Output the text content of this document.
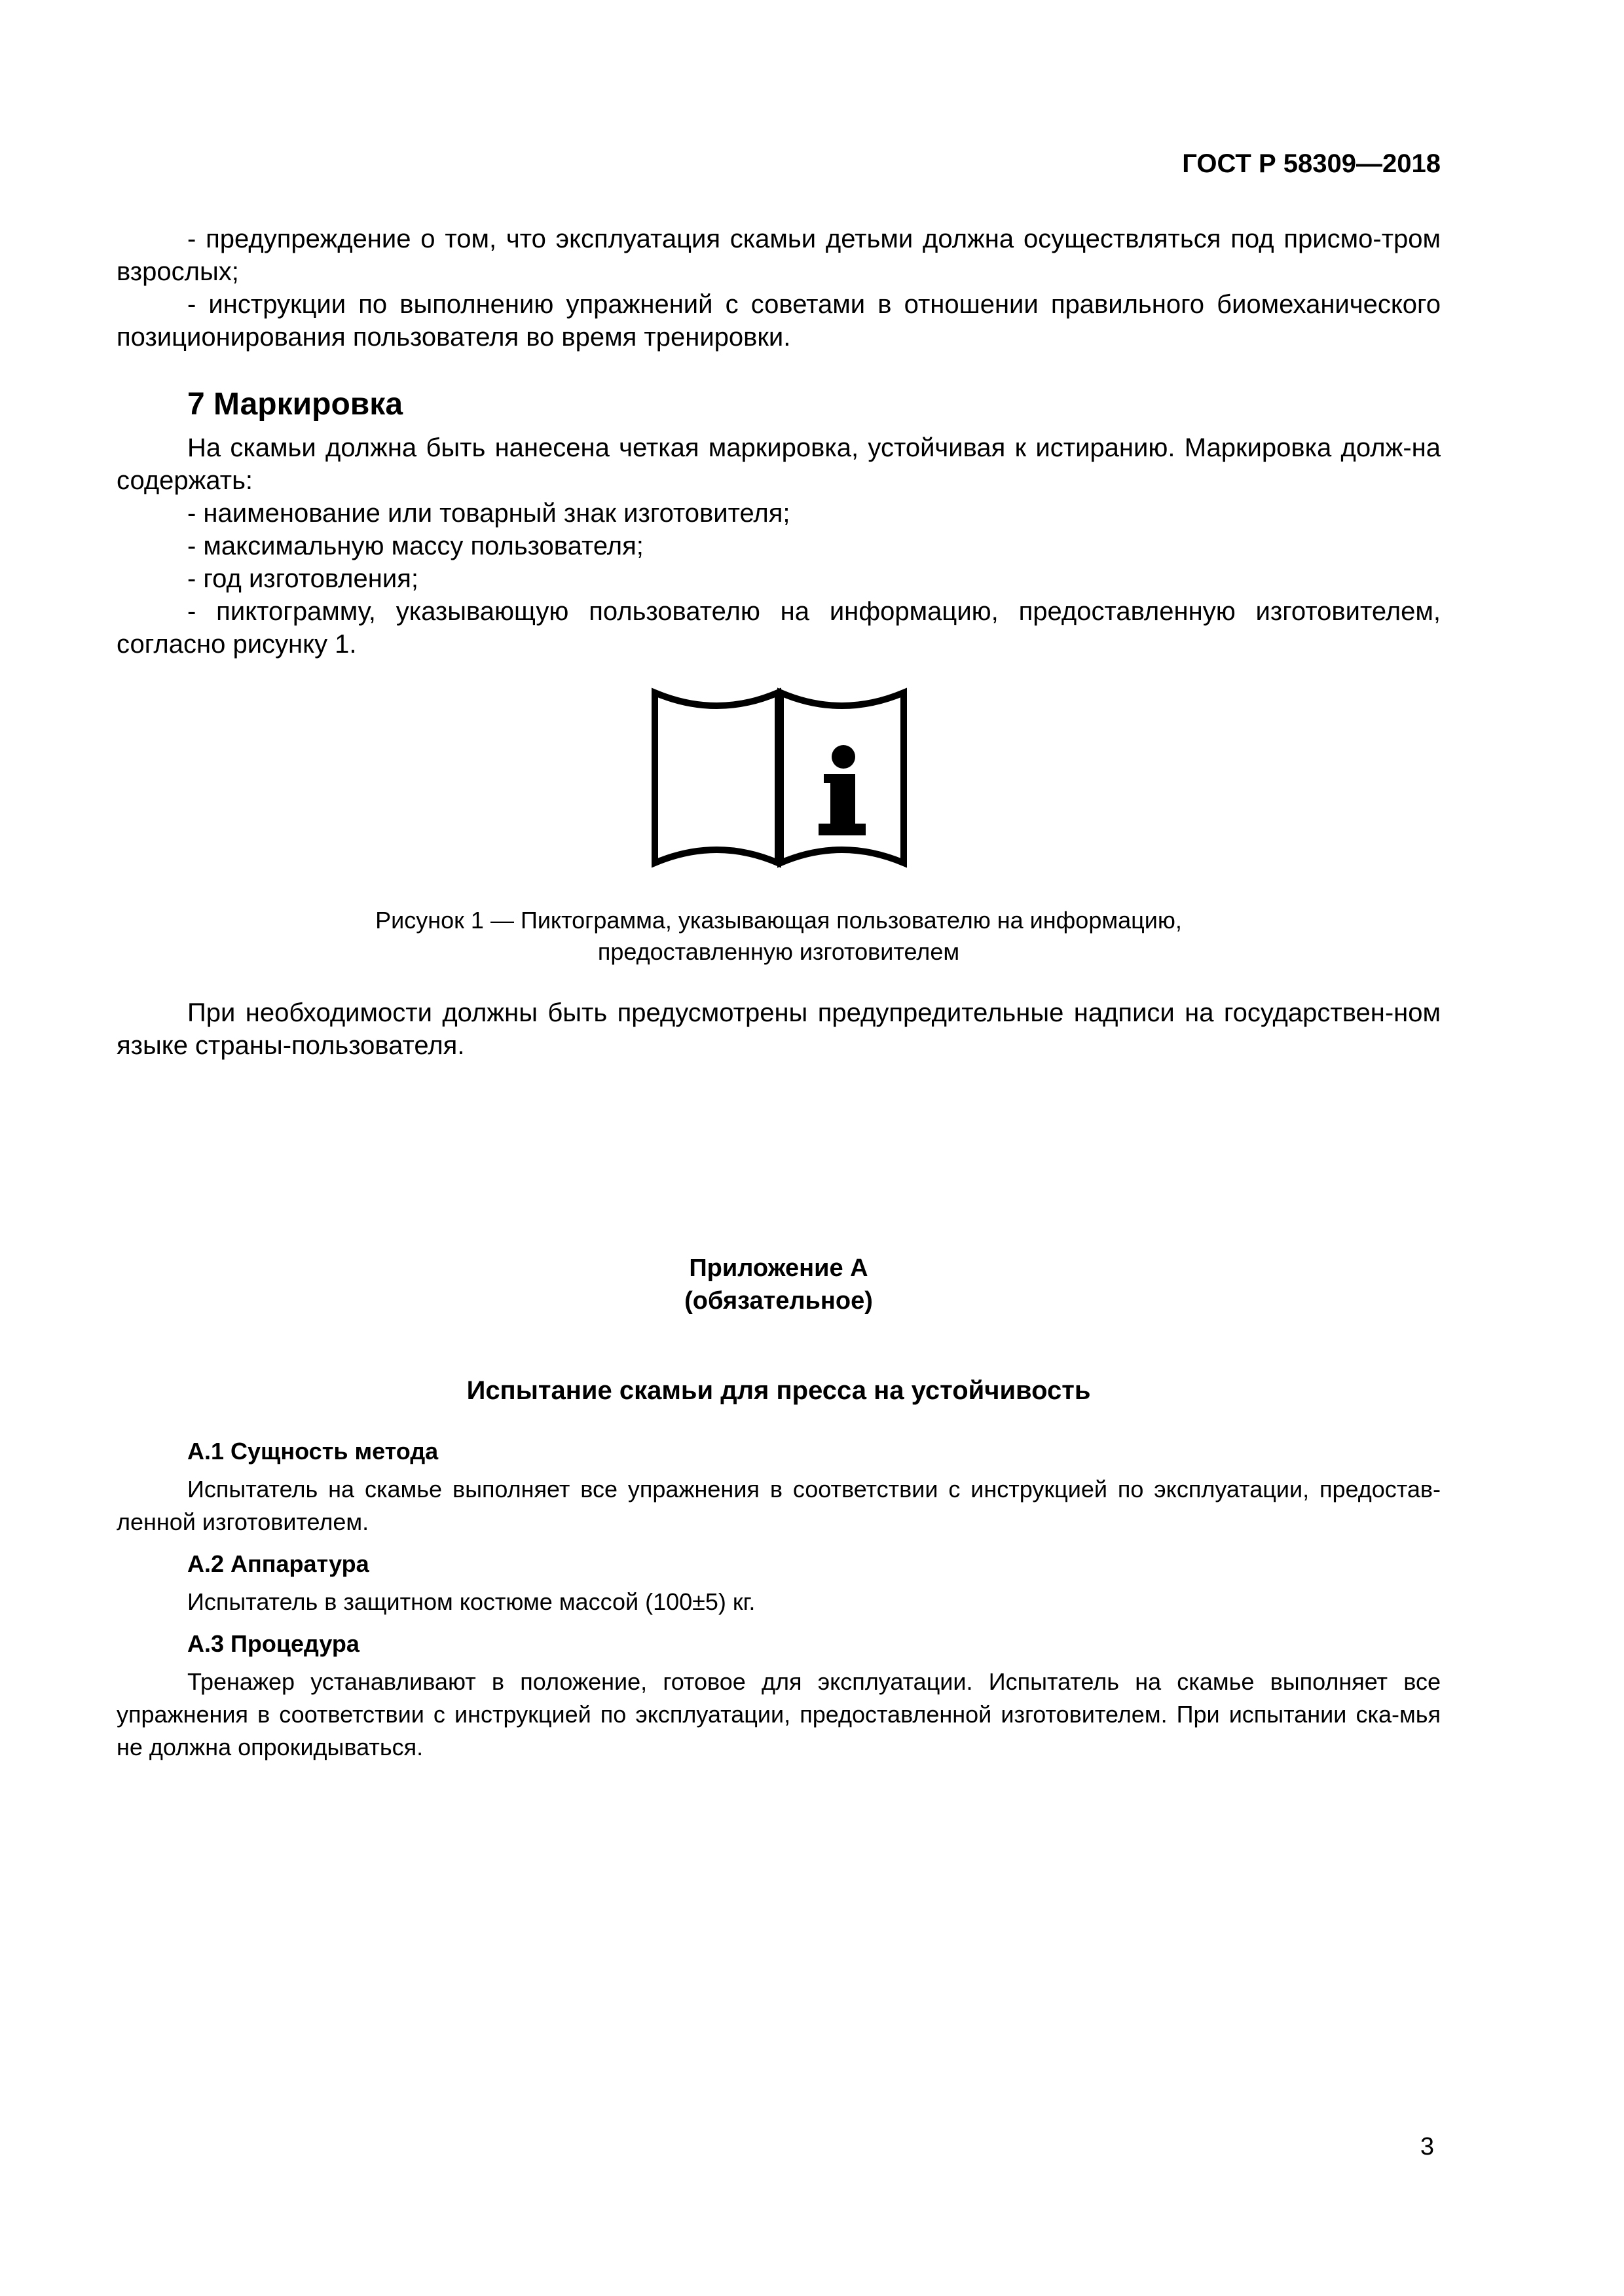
ГОСТ Р 58309—2018

- предупреждение о том, что эксплуатация скамьи детьми должна осуществляться под присмо-тром взрослых;

- инструкции по выполнению упражнений с советами в отношении правильного биомеханического позиционирования пользователя во время тренировки.

7 Маркировка

На скамьи должна быть нанесена четкая маркировка, устойчивая к истиранию. Маркировка долж-на содержать:

- наименование или товарный знак изготовителя;

- максимальную массу пользователя;

- год изготовления;

- пиктограмму, указывающую пользователю на информацию, предоставленную изготовителем, согласно рисунку 1.

Рисунок 1 — Пиктограмма, указывающая пользователю на информацию,
предоставленную изготовителем

При необходимости должны быть предусмотрены предупредительные надписи на государствен-ном языке страны-пользователя.

Приложение А
(обязательное)
Испытание скамьи для пресса на устойчивость

А.1 Сущность метода

Испытатель на скамье выполняет все упражнения в соответствии с инструкцией по эксплуатации, предостав-ленной изготовителем.

А.2 Аппаратура

Испытатель в защитном костюме массой (100±5) кг.

А.3 Процедура

Тренажер устанавливают в положение, готовое для эксплуатации. Испытатель на скамье выполняет все упражнения в соответствии с инструкцией по эксплуатации, предоставленной изготовителем. При испытании ска-мья не должна опрокидываться.

3
